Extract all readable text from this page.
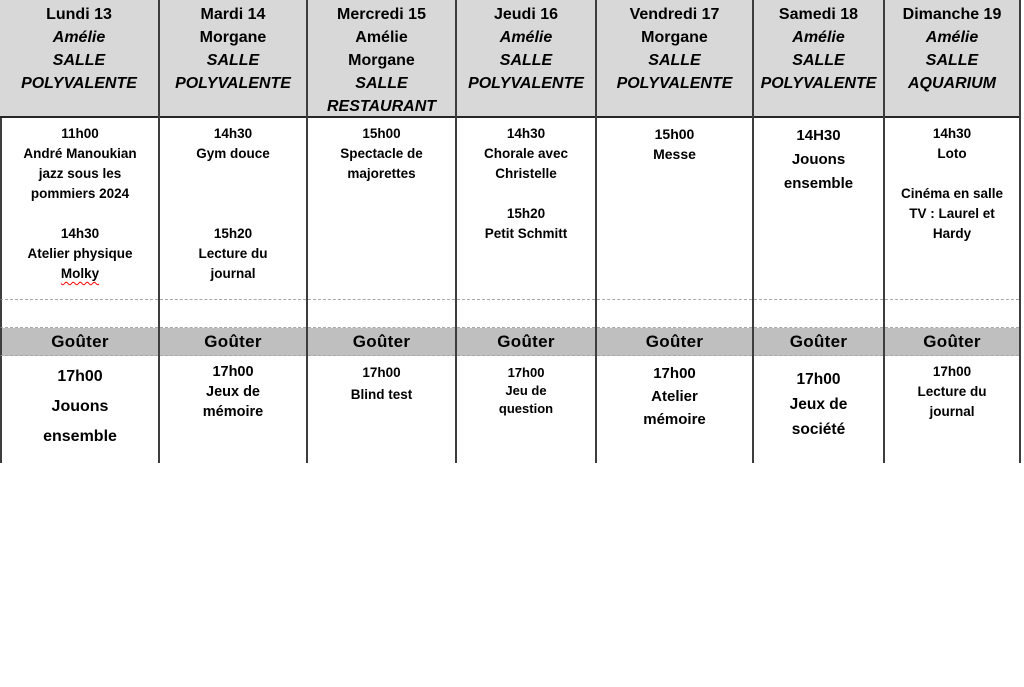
Lundi 13
Amélie
SALLE
POLYVALENTE
11h00
André Manoukian jazz sous les pommiers 2024

14h30
Atelier physique
Molky
Goûter
17h00
Jouons ensemble
Mardi 14
Morgane
SALLE
POLYVALENTE
14h30
Gym douce

15h20
Lecture du journal
Goûter
17h00
Jeux de mémoire
Mercredi 15
Amélie
Morgane
SALLE
RESTAURANT
15h00
Spectacle de majorettes
Goûter
17h00
Blind test
Jeudi 16
Amélie
SALLE
POLYVALENTE
14h30
Chorale avec Christelle

15h20
Petit Schmitt
Goûter
17h00
Jeu de question
Vendredi 17
Morgane
SALLE
POLYVALENTE
15h00
Messe
Goûter
17h00
Atelier mémoire
Samedi 18
Amélie
SALLE
POLYVALENTE
14H30
Jouons ensemble
Goûter
17h00
Jeux de société
Dimanche 19
Amélie
SALLE
AQUARIUM
14h30
Loto

Cinéma en salle TV : Laurel et Hardy
Goûter
17h00
Lecture du journal
